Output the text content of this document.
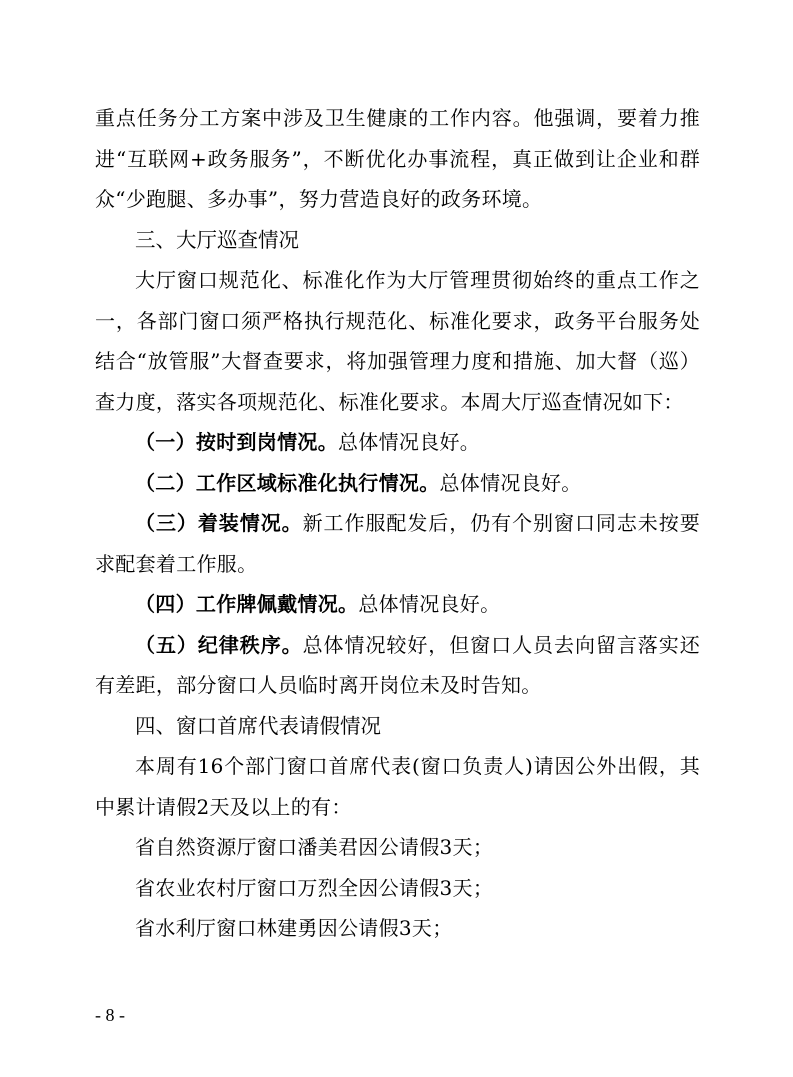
重点任务分工方案中涉及卫生健康的工作内容。他强调，要着力推进“互联网+政务服务”，不断优化办事流程，真正做到让企业和群众“少跑腿、多办事”，努力营造良好的政务环境。

三、大厅巡查情况

大厅窗口规范化、标准化作为大厅管理贯彻始终的重点工作之一，各部门窗口须严格执行规范化、标准化要求，政务平台服务处结合“放管服”大督查要求，将加强管理力度和措施、加大督（巡）查力度，落实各项规范化、标准化要求。本周大厅巡查情况如下：

（一）按时到岗情况。总体情况良好。

（二）工作区域标准化执行情况。总体情况良好。

（三）着装情况。新工作服配发后，仍有个别窗口同志未按要求配套着工作服。

（四）工作牌佩戴情况。总体情况良好。

（五）纪律秩序。总体情况较好，但窗口人员去向留言落实还有差距，部分窗口人员临时离开岗位未及时告知。

四、窗口首席代表请假情况

本周有16个部门窗口首席代表(窗口负责人)请因公外出假，其中累计请假2天及以上的有：

省自然资源厅窗口潘美君因公请假3天；

省农业农村厅窗口万烈全因公请假3天；

省水利厅窗口林建勇因公请假3天；

- 8 -
